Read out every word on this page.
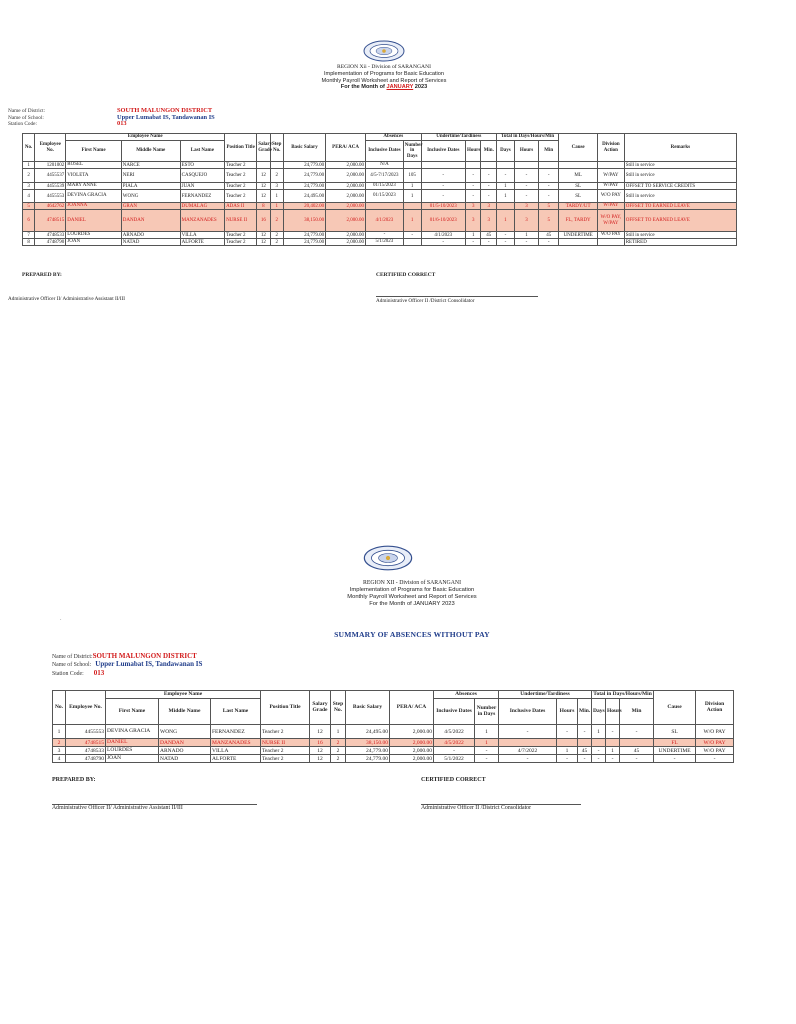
REGION Xii - Division of SARANGANI
Implementation of Programs for Basic Education
Monthly Payroll Worksheet and Report of Services
For the Month of JANUARY 2023
Name of District:	SOUTH MALUNGON DISTRICT
Name of School:	Upper Lumabat IS, Tandawanan IS
Station Code:	013
No.	Employee No.	Employee Name			Position Title	Salary Grade	Step No.	Basic Salary	PERA/ ACA	Absences		Undertime/Tardiness			Total in Days/Hours/Min			Cause	Division Action	Remarks
		First Name	Middle Name	Last Name						Inclusive Dates	Number in Days	Inclusive Dates	Hours	Min.	Days	Hours	Min			
1	1201002	ROSEL	NARCE	ESTO	Teacher 2			24,779.00	2,000.00	N/A										Still in service
2	4455537	VIOLETA	NERI	CASQUEJO	Teacher 2	12	2	24,779.00	2,000.00	4/5-7/17/2023	105	-	-	-	-	-	-	ML	W/PAY	Still in service
3	4455539	MARY ANNE	PIALA	JUAN	Teacher 2	12	3	24,779.00	2,000.00	01/15/2023	1	-	-	-	1	-	-	SL	W/PAY	OFFSET TO SERVICE CREDITS
4	4455553	DEVINA GRACIA	WONG	FERNANDEZ	Teacher 2	12	1	24,495.00	2,000.00	01/15/2023	1	-	-	-	1	-	-	SL	W/O PAY	Still in service
5	4642762	JOANNA	GRAN	DUMALAG	ADAS II	8	1	20,402.00	2,000.00			01/5-10/2023	3	3		3	5	TARDY/UT	W/PAY	OFFSET TO EARNED LEAVE
6	4748515	DANIEL	DANDAN	MANZANADES	NURSE II	16	2	38,150.00	2,000.00	4/1/2023	1	01/6-10/2023	3	3	1	3	5	FL, TARDY	W/O PAY, W/PAY	OFFSET TO EARNED LEAVE
7	4748533	LOURDES	ARNADO	VILLA	Teacher 2	12	2	24,779.00	2,000.00	-	-	4/1/2023	1	45	-	1	45	UNDERTIME	W/O PAY	Still in service
8	4748790	JOAN	NATAD	ALFORTE	Teacher 2	12	2	24,779.00	2,000.00	5/1/2023		-	-	-	-	-	-			RETIRED
PREPARED BY:	CERTIFIED CORRECT
Administrative Officer II/ Administrative Assistant II/III	Administrative Officer II /District Consolidator
REGION XII - Division of SARANGANI
Implementation of Programs for Basic Education
Monthly Payroll Worksheet and Report of Services
For the Month of JANUARY 2023
SUMMARY OF ABSENCES WITHOUT PAY
.
Name of District: SOUTH MALUNGON DISTRICT
Name of School: Upper Lumabat IS, Tandawanan IS
Station Code: 013
No.	Employee No.	Employee Name			Position Title	Salary Grade	Step No.	Basic Salary	PERA/ ACA	Absences		Undertime/Tardiness			Total in Days/Hours/Min			Cause	Division Action
		First Name	Middle Name	Last Name						Inclusive Dates	Number in Days	Inclusive Dates	Hours	Min.	Days	Hours	Min		
1	4455553	DEVINA GRACIA	WONG	FERNANDEZ	Teacher 2	12	1	24,495.00	2,000.00	4/5/2022	1	-	-	-	1	-	-	SL	W/O PAY
2	4748515	DANIEL	DANDAN	MANZANADES	NURSE II	16	2	38,150.00	2,000.00	4/5/2022	1							FL	W/O PAY
3	4748533	LOURDES	ARNADO	VILLA	Teacher 2	12	2	24,779.00	2,000.00	-	-	4/7/2022	1	45	-	1	45	UNDERTIME	W/O PAY
4	4748790	JOAN	NATAD	ALFORTE	Teacher 2	12	2	24,779.00	2,000.00	5/1/2022	-	-	-	-	-	-	-	-	-
PREPARED BY:	CERTIFIED CORRECT
Administrative Officer II/ Administrative Assistant II/III	Administrative Officer II /District Consolidator
